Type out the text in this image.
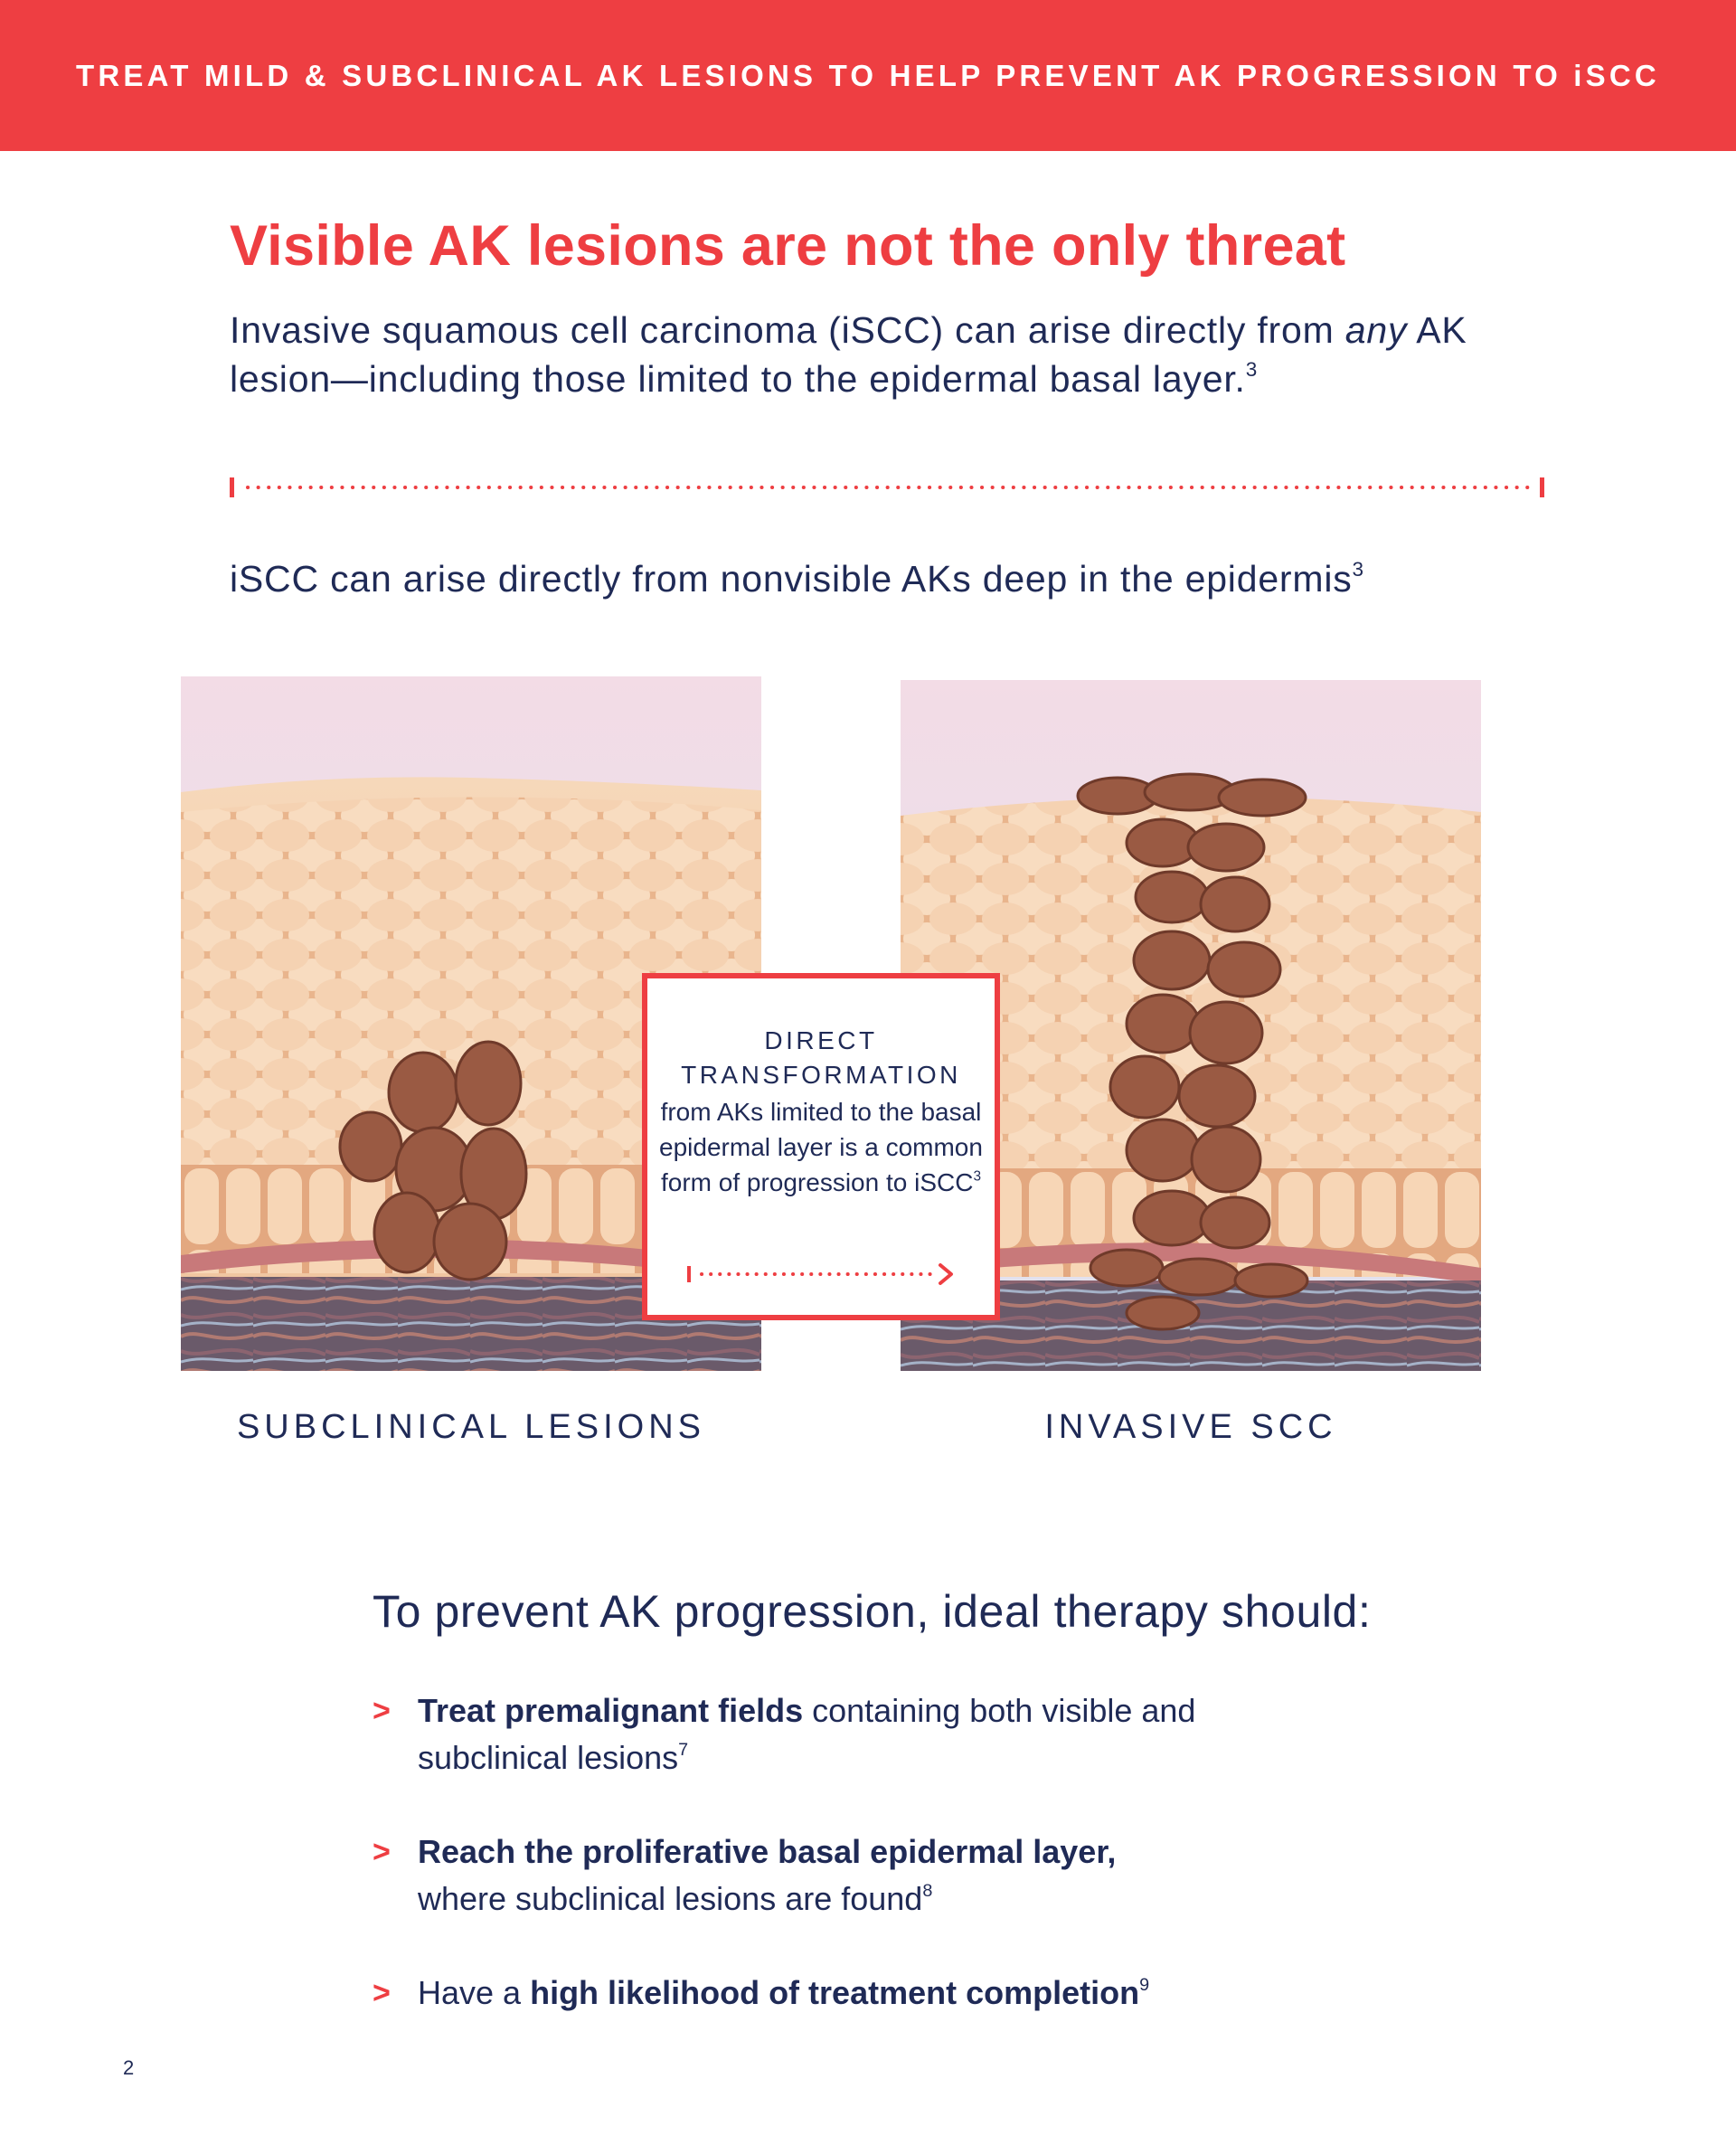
TREAT MILD & SUBCLINICAL AK LESIONS TO HELP PREVENT AK PROGRESSION TO iSCC
Visible AK lesions are not the only threat

Invasive squamous cell carcinoma (iSCC) can arise directly from any AK lesion—including those limited to the epidermal basal layer.$^3$

iSCC can arise directly from nonvisible AKs deep in the epidermis$^3$

SUBCLINICAL LESIONS	INVASIVE SCC

DIRECT
TRANSFORMATION
from AKs limited to the basal epidermal layer is a common form of progression to iSCC$^3$

To prevent AK progression, ideal therapy should:

> Treat premalignant fields containing both visible and subclinical lesions$^7$
> Reach the proliferative basal epidermal layer,
where subclinical lesions are found$^8$
> Have a high likelihood of treatment completion$^9$
2
